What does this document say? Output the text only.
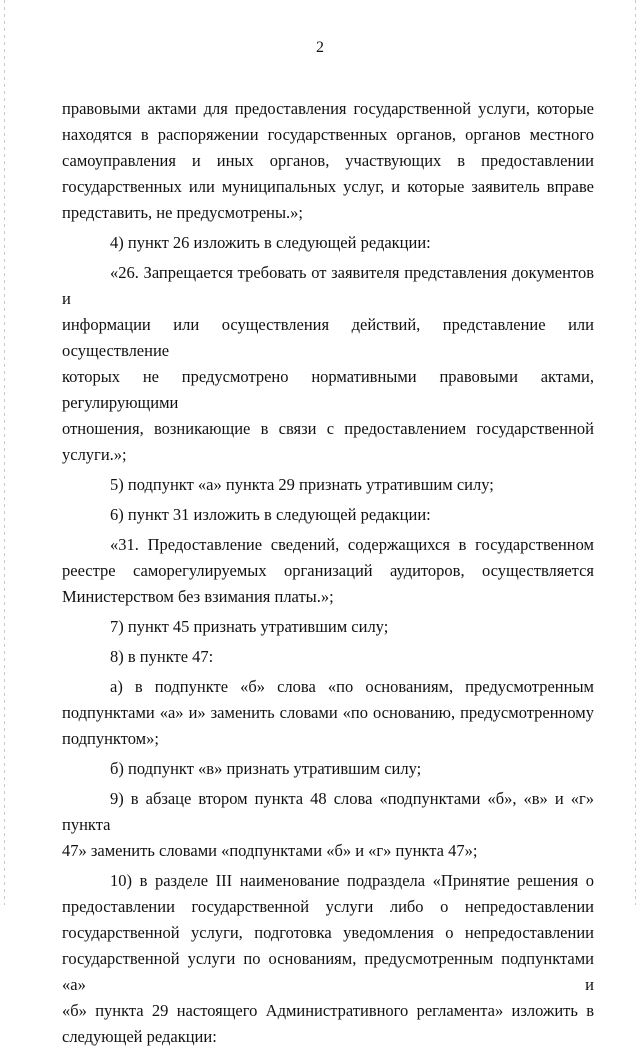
2
правовыми актами для предоставления государственной услуги, которые
находятся в распоряжении государственных органов, органов местного
самоуправления и иных органов, участвующих в предоставлении
государственных или муниципальных услуг, и которые заявитель вправе
представить, не предусмотрены.»;
4) пункт 26 изложить в следующей редакции:
«26. Запрещается требовать от заявителя представления документов и
информации или осуществления действий, представление или осуществление
которых не предусмотрено нормативными правовыми актами, регулирующими
отношения, возникающие в связи с предоставлением государственной услуги.»;
5) подпункт «а» пункта 29 признать утратившим силу;
6) пункт 31 изложить в следующей редакции:
«31. Предоставление сведений, содержащихся в государственном
реестре саморегулируемых организаций аудиторов, осуществляется
Министерством без взимания платы.»;
7) пункт 45 признать утратившим силу;
8) в пункте 47:
а) в подпункте «б» слова «по основаниям, предусмотренным
подпунктами «а» и» заменить словами «по основанию, предусмотренному
подпунктом»;
б) подпункт «в» признать утратившим силу;
9) в абзаце втором пункта 48 слова «подпунктами «б», «в» и «г» пункта
47» заменить словами «подпунктами «б» и «г» пункта 47»;
10) в разделе III наименование подраздела «Принятие решения о
предоставлении государственной услуги либо о непредоставлении
государственной услуги, подготовка уведомления о непредоставлении
государственной услуги по основаниям, предусмотренным подпунктами «а» и
«б» пункта 29 настоящего Административного регламента» изложить в
следующей редакции:
